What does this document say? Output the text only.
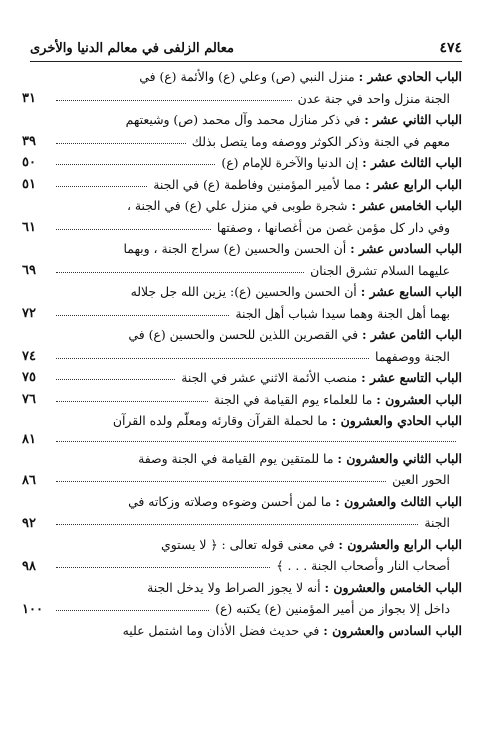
٤٧٤
معالم الزلفى في معالم الدنيا والأخرى
الباب الحادي عشر : منزل النبي (ص) وعلي (ع) والأئمة (ع) في
الجنة منزل واحد في جنة عدن
٣١
الباب الثاني عشر : في ذكر منازل محمد وآل محمد (ص) وشيعتهم
معهم في الجنة وذكر الكوثر ووصفه وما يتصل بذلك
٣٩
الباب الثالث عشر : إن الدنيا والآخرة للإمام (ع)
٥٠
الباب الرابع عشر : مما لأمير المؤمنين وفاطمة (ع) في الجنة
٥١
الباب الخامس عشر : شجرة طوبى في منزل علي (ع) في الجنة ،
وفي دار كل مؤمن غصن من أغصانها ، وصفتها
٦١
الباب السادس عشر : أن الحسن والحسين (ع) سراج الجنة ، وبهما
عليهما السلام تشرق الجنان
٦٩
الباب السابع عشر : أن الحسن والحسين (ع): يزين الله جل جلاله
بهما أهل الجنة وهما سيدا شباب أهل الجنة
٧٢
الباب الثامن عشر : في القصرين اللذين للحسن والحسين (ع) في
الجنة ووصفهما
٧٤
الباب التاسع عشر : منصب الأئمة الاثني عشر في الجنة
٧٥
الباب العشرون : ما للعلماء يوم القيامة في الجنة
٧٦
الباب الحادي والعشرون : ما لحملة القرآن وقارئه ومعلّم ولده القرآن
٨١
الباب الثاني والعشرون : ما للمتقين يوم القيامة في الجنة وصفة
الحور العين
٨٦
الباب الثالث والعشرون : ما لمن أحسن وضوءه وصلاته وزكاته في
الجنة
٩٢
الباب الرابع والعشرون : في معنى قوله تعالى : ﴿ لا يستوي
أصحاب النار وأصحاب الجنة . . . ﴾
٩٨
الباب الخامس والعشرون : أنه لا يجوز الصراط ولا يدخل الجنة
داخل إلا بجواز من أمير المؤمنين (ع) يكتبه (ع)
١٠٠
الباب السادس والعشرون : في حديث فضل الأذان وما اشتمل عليه
